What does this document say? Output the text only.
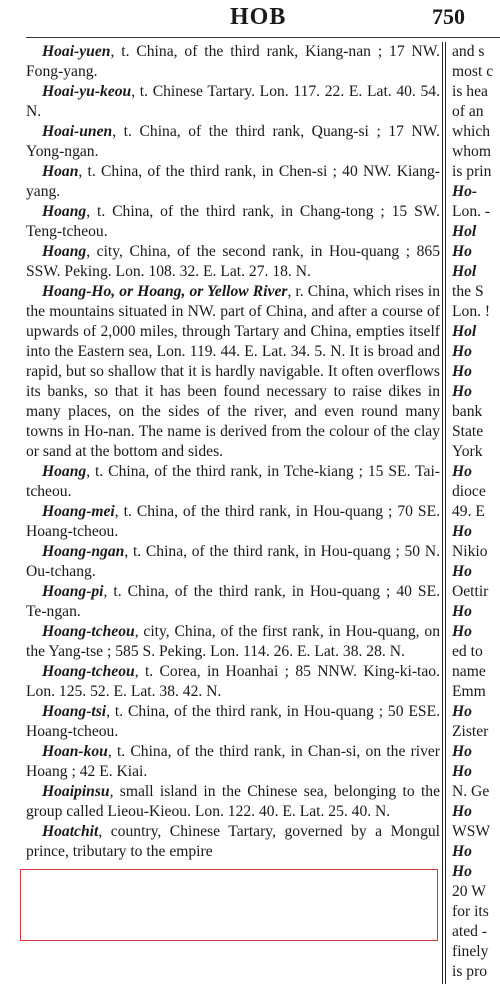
HOB	750

Hoai-yuen, t. China, of the third rank, Kiang-nan ; 17 NW. Fong-yang.

Hoai-yu-keou, t. Chinese Tartary. Lon. 117. 22. E. Lat. 40. 54. N.

Hoai-unen, t. China, of the third rank, Quang-si ; 17 NW. Yong-ngan.

Hoan, t. China, of the third rank, in Chen-si ; 40 NW. Kiang-yang.

Hoang, t. China, of the third rank, in Chang-tong ; 15 SW. Teng-tcheou.

Hoang, city, China, of the second rank, in Hou-quang ; 865 SSW. Peking. Lon. 108. 32. E. Lat. 27. 18. N.

Hoang-Ho, or Hoang, or Yellow River, r. China, which rises in the mountains situated in NW. part of China, and after a course of upwards of 2,000 miles, through Tartary and China, empties itself into the Eastern sea, Lon. 119. 44. E. Lat. 34. 5. N. It is broad and rapid, but so shallow that it is hardly navigable. It often overflows its banks, so that it has been found necessary to raise dikes in many places, on the sides of the river, and even round many towns in Ho-nan. The name is derived from the colour of the clay or sand at the bottom and sides.

Hoang, t. China, of the third rank, in Tche-kiang ; 15 SE. Tai-tcheou.

Hoang-mei, t. China, of the third rank, in Hou-quang ; 70 SE. Hoang-tcheou.

Hoang-ngan, t. China, of the third rank, in Hou-quang ; 50 N. Ou-tchang.

Hoang-pi, t. China, of the third rank, in Hou-quang ; 40 SE. Te-ngan.

Hoang-tcheou, city, China, of the first rank, in Hou-quang, on the Yang-tse ; 585 S. Peking. Lon. 114. 26. E. Lat. 38. 28. N.

Hoang-tcheou, t. Corea, in Hoanhai ; 85 NNW. King-ki-tao. Lon. 125. 52. E. Lat. 38. 42. N.

Hoang-tsi, t. China, of the third rank, in Hou-quang ; 50 ESE. Hoang-tcheou.

Hoan-kou, t. China, of the third rank, in Chan-si, on the river Hoang ; 42 E. Kiai.

Hoaipinsu, small island in the Chinese sea, belonging to the group called Lieou-Kieou. Lon. 122. 40. E. Lat. 25. 40. N.

Hoatchit, country, Chinese Tartary, governed by a Mongul prince, tributary to the empire

and s
most c
is hea
of an
which
whom
is prin
Ho-
Lon. -
Hol
Ho
Hol
the S
Lon. !
Hol
Ho
Ho
Ho
bank
State
York
Ho
dioce
49. E
Ho
Nikio
Ho
Oettir
Ho
Ho
ed to
name
Emm
Ho
Zister
Ho
Ho
N. Ge
Ho
WSW
Ho
Ho
20 W
for its
ated -
finely
is pro
